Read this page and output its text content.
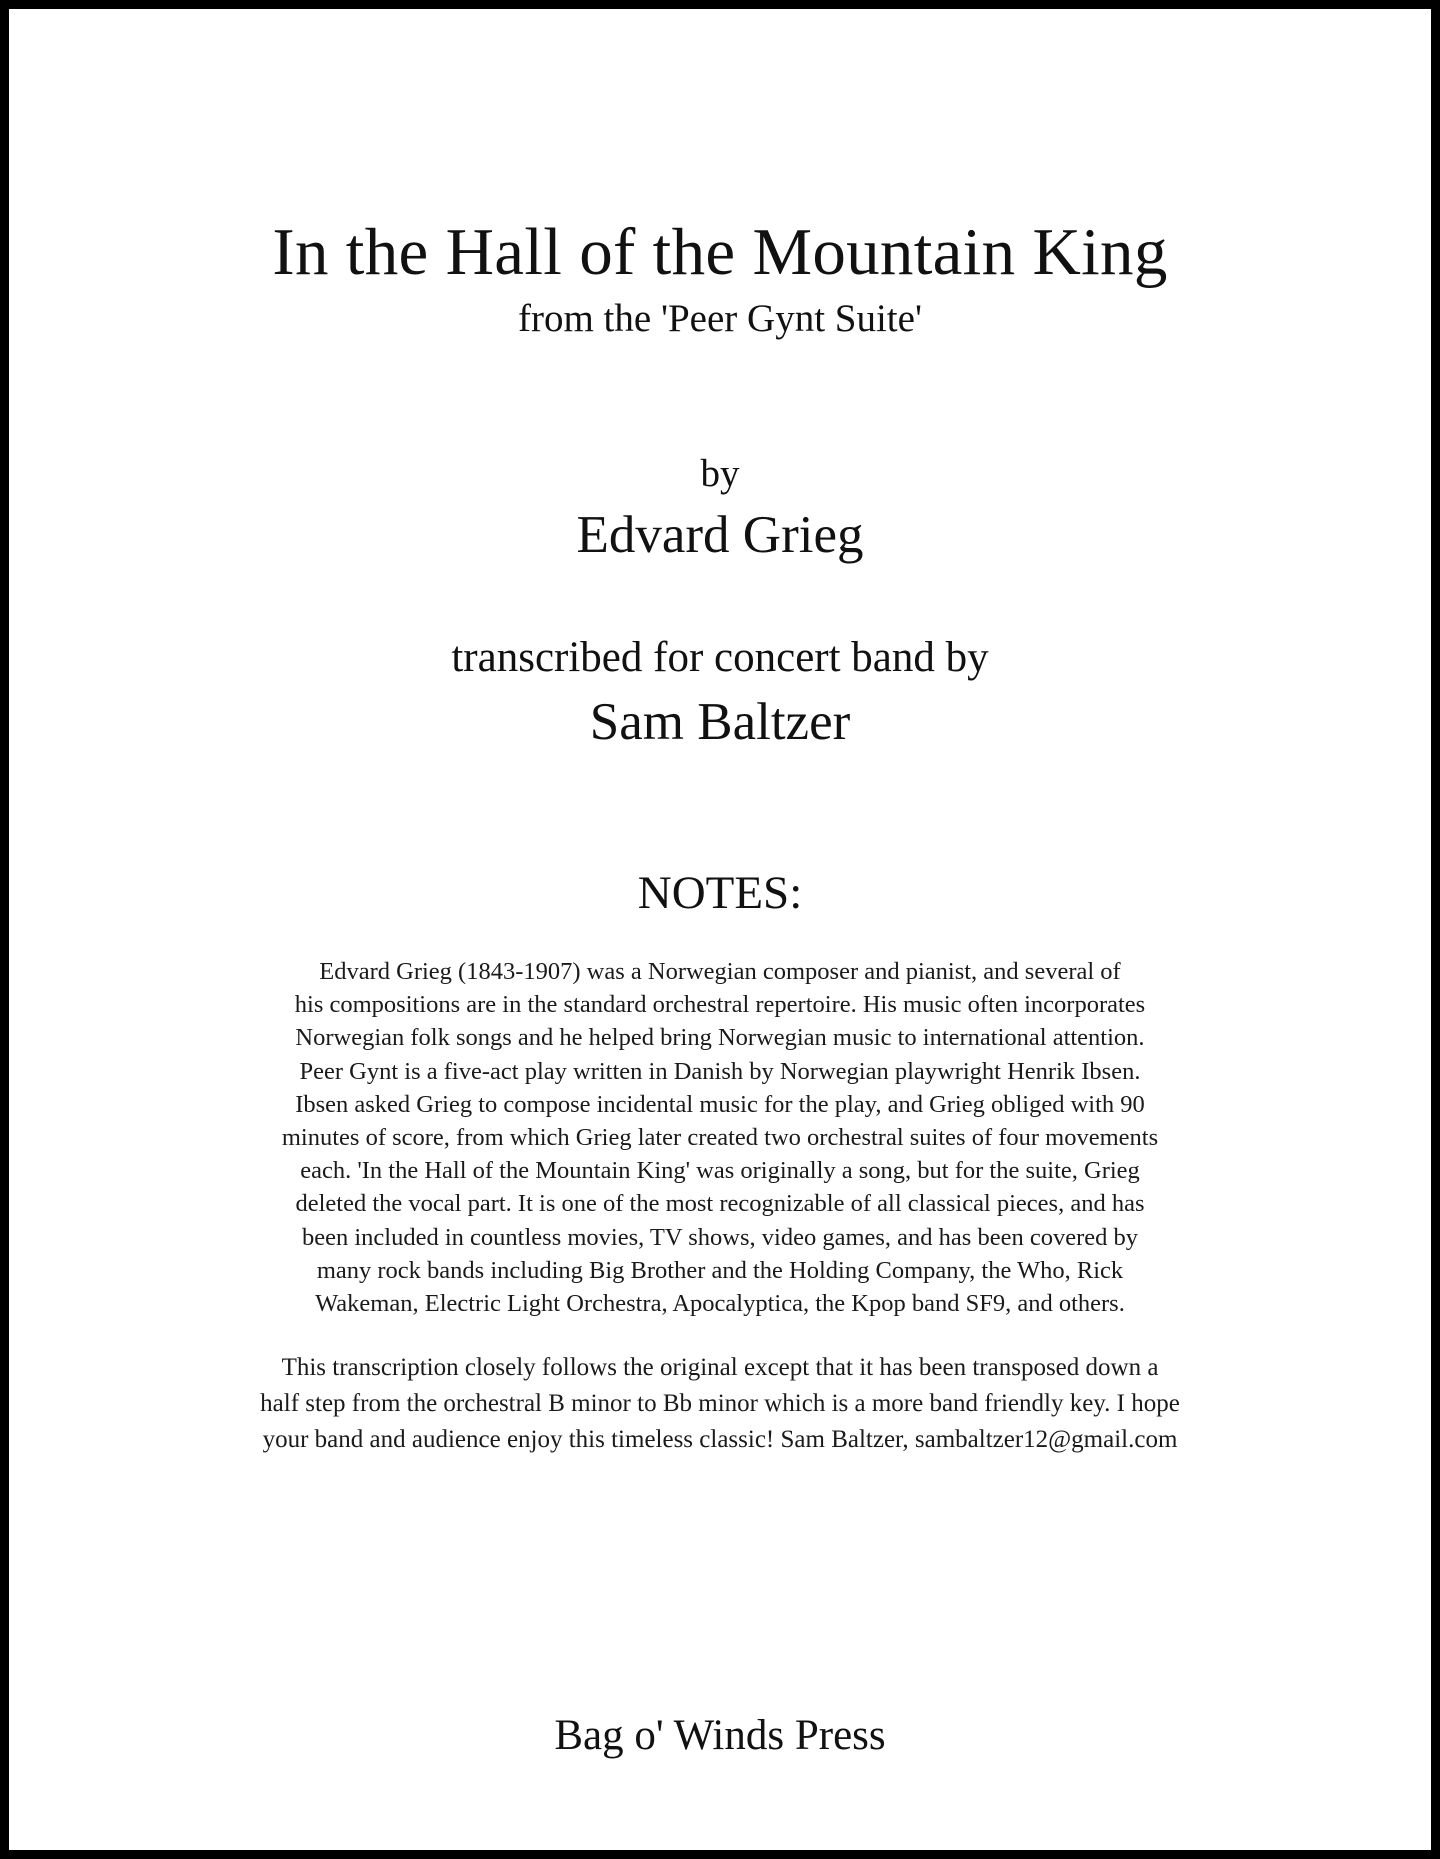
In the Hall of the Mountain King
from the 'Peer Gynt Suite'
by
Edvard Grieg
transcribed for concert band by
Sam Baltzer
NOTES:
Edvard Grieg (1843-1907) was a Norwegian composer and pianist, and several of
his compositions are in the standard orchestral repertoire. His music often incorporates
Norwegian folk songs and he helped bring Norwegian music to international attention.
Peer Gynt is a five-act play written in Danish by Norwegian playwright Henrik Ibsen.
Ibsen asked Grieg to compose incidental music for the play, and Grieg obliged with 90
minutes of score, from which Grieg later created two orchestral suites of four movements
each. 'In the Hall of the Mountain King' was originally a song, but for the suite, Grieg
deleted the vocal part. It is one of the most recognizable of all classical pieces, and has
been included in countless movies, TV shows, video games, and has been covered by
many rock bands including Big Brother and the Holding Company, the Who, Rick
Wakeman, Electric Light Orchestra, Apocalyptica, the Kpop band SF9, and others.
This transcription closely follows the original except that it has been transposed down a
half step from the orchestral B minor to Bb minor which is a more band friendly key. I hope
your band and audience enjoy this timeless classic! Sam Baltzer, sambaltzer12@gmail.com
Bag o' Winds Press
